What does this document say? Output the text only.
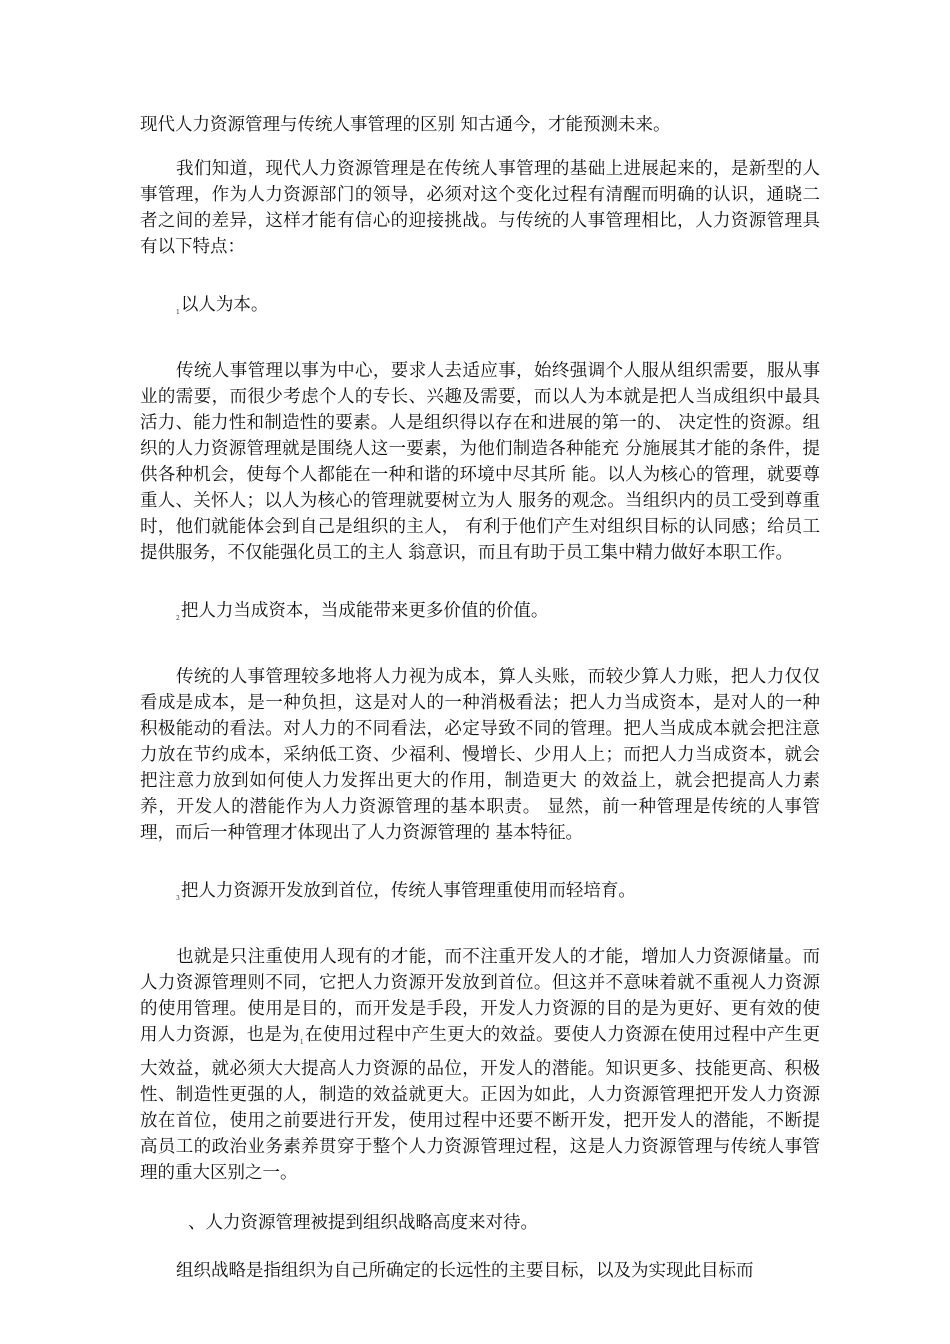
现代人力资源管理与传统人事管理的区别 知古通今，才能预测未来。

我们知道，现代人力资源管理是在传统人事管理的基础上进展起来的，是新型的人事管理，作为人力资源部门的领导，必须对这个变化过程有清醒而明确的认识，通晓二者之间的差异，这样才能有信心的迎接挑战。与传统的人事管理相比，人力资源管理具有以下特点：

$_1$以人为本。

传统人事管理以事为中心，要求人去适应事，始终强调个人服从组织需要，服从事业的需要，而很少考虑个人的专长、兴趣及需要，而以人为本就是把人当成组织中最具活力、能力性和制造性的要素。人是组织得以存在和进展的第一的、 决定性的资源。组织的人力资源管理就是围绕人这一要素，为他们制造各种能充 分施展其才能的条件，提供各种机会，使每个人都能在一种和谐的环境中尽其所 能。以人为核心的管理，就要尊重人、关怀人；以人为核心的管理就要树立为人 服务的观念。当组织内的员工受到尊重时，他们就能体会到自己是组织的主人， 有利于他们产生对组织目标的认同感；给员工提供服务，不仅能强化员工的主人 翁意识，而且有助于员工集中精力做好本职工作。

$_2$把人力当成资本，当成能带来更多价值的价值。

传统的人事管理较多地将人力视为成本，算人头账，而较少算人力账，把人力仅仅看成是成本，是一种负担，这是对人的一种消极看法；把人力当成资本，是对人的一种积极能动的看法。对人力的不同看法，必定导致不同的管理。把人当成成本就会把注意力放在节约成本，采纳低工资、少福利、慢增长、少用人上；而把人力当成资本，就会把注意力放到如何使人力发挥出更大的作用，制造更大 的效益上，就会把提高人力素养，开发人的潜能作为人力资源管理的基本职责。 显然，前一种管理是传统的人事管理，而后一种管理才体现出了人力资源管理的 基本特征。

$_3$把人力资源开发放到首位，传统人事管理重使用而轻培育。

也就是只注重使用人现有的才能，而不注重开发人的才能，增加人力资源储量。而人力资源管理则不同，它把人力资源开发放到首位。但这并不意味着就不重视人力资源的使用管理。使用是目的，而开发是手段，开发人力资源的目的是为更好、更有效的使用人力资源，也是为$_1$在使用过程中产生更大的效益。要使人力资源在使用过程中产生更大效益，就必须大大提高人力资源的品位，开发人的潜能。知识更多、技能更高、积极性、制造性更强的人，制造的效益就更大。正因为如此，人力资源管理把开发人力资源放在首位，使用之前要进行开发，使用过程中还要不断开发，把开发人的潜能，不断提高员工的政治业务素养贯穿于整个人力资源管理过程，这是人力资源管理与传统人事管理的重大区别之一。

、人力资源管理被提到组织战略高度来对待。

组织战略是指组织为自己所确定的长远性的主要目标，以及为实现此目标而
